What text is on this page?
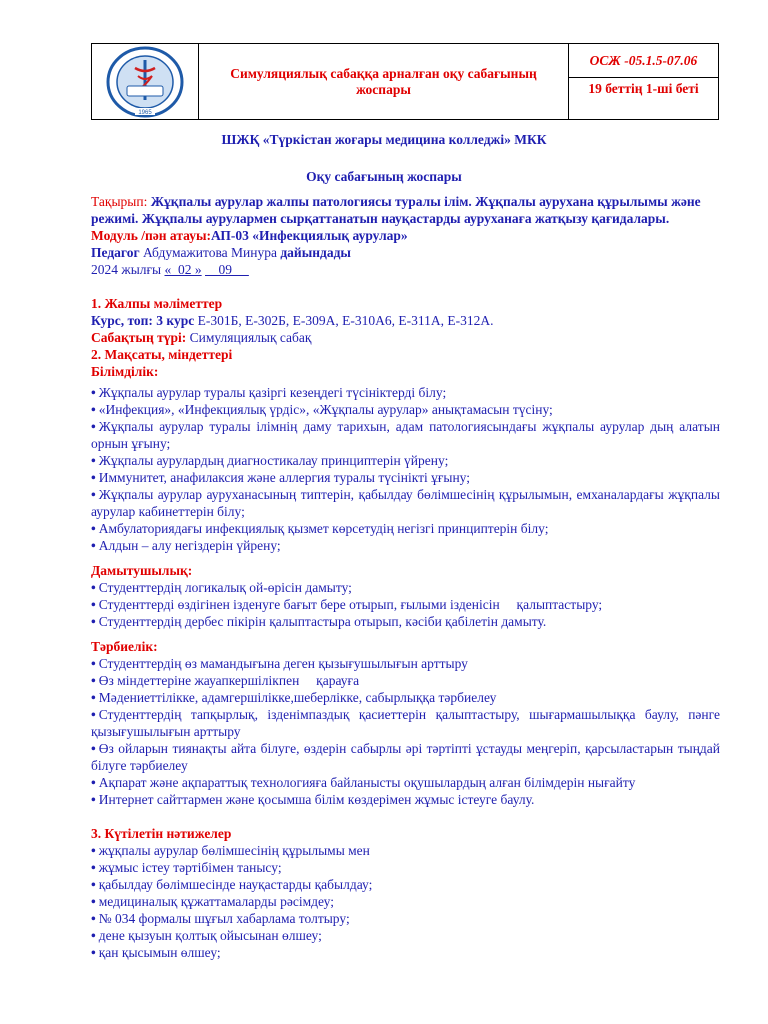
1965
Симуляциялық сабаққа арналған оқу сабағының жоспары
ОСЖ -05.1.5-07.06
19 беттің 1-ші беті
ШЖҚ «Түркістан жоғары медицина колледжі» МКК
Оқу сабағының жоспары

Тақырып: Жұқпалы аурулар жалпы патологиясы туралы ілім. Жұқпалы ауруханa құрылымы және режимі. Жұқпалы аурулармен сырқаттанатын науқастарды ауруханаға жатқызу қағидалары.

Модуль /пән атауы:АП-03 «Инфекциялық аурулар»

Педагог Абдумажитова Минура дайындады

2024 жылғы «  02 »     09

1. Жалпы мәліметтер

Курс, топ: 3 курс Е-301Б, Е-302Б, Е-309А, Е-310А6, Е-311А, Е-312А.

Сабақтың түрі: Симуляциялық сабақ

2. Мақсаты, міндеттері

Білімділік:

• Жұқпалы аурулар туралы қазіргі кезеңдегі түсініктерді білу;
• «Инфекция», «Инфекциялық үрдіс», «Жұқпалы аурулар» анықтамасын түсіну;
• Жұқпалы аурулар туралы ілімнің даму тарихын, адам патологиясындағы жұқпалы аурулар дың алатын орнын ұғыну;
• Жұқпалы аурулардың диагностикалау принциптерін үйрену;
• Иммунитет, анафилаксия және аллергия туралы түсінікті ұғыну;
• Жұқпалы аурулар ауруханасының типтерін, қабылдау бөлімшесінің құрылымын, емханалардағы жұқпалы аурулар кабинеттерін білу;
• Амбулаториядағы инфекциялық қызмет көрсетудің негізгі принциптерін білу;
• Алдын – алу негіздерін үйрену;

Дамытушылық:

• Студенттердің логикалық ой-өрісін дамыту;
• Студенттерді өздігінен ізденуге бағыт бере отырып, ғылыми ізденісін     қалыптастыру;
• Студенттердің дербес пікірін қалыптастыра отырып, кәсіби қабілетін дамыту.

Тәрбиелік:

• Студенттердің өз мамандығына деген қызығушылығын арттыру
• Өз міндеттеріне жауапкершілікпен     қарауға
• Мәдениеттілікке, адамгершілікке,шеберлікке, сабырлыққа тәрбиелеу
• Студенттердің тапқырлық, ізденімпаздық қасиеттерін қалыптастыру, шығармашылыққа баулу, пәнге қызығушылығын арттыру
• Өз ойларын тиянақты айта білуге, өздерін сабырлы әрі тәртіпті ұстауды меңгеріп, қарсыластарын тыңдай білуге тәрбиелеу
• Ақпарат және ақпараттық технологияға байланысты оқушылардың алған білімдерін нығайту
• Интернет сайттармен және қосымша білім көздерімен жұмыс істеуге баулу.

3. Күтілетін нәтижелер

• жұқпалы аурулар бөлімшесінің құрылымы мен
• жұмыс істеу тәртібімен танысу;
• қабылдау бөлімшесінде науқастарды қабылдау;
• медициналық құжаттамаларды рәсімдеу;
• № 034 формалы шұғыл хабарлама толтыру;
• дене қызуын қолтық ойысынан өлшеу;
• қан қысымын өлшеу;
